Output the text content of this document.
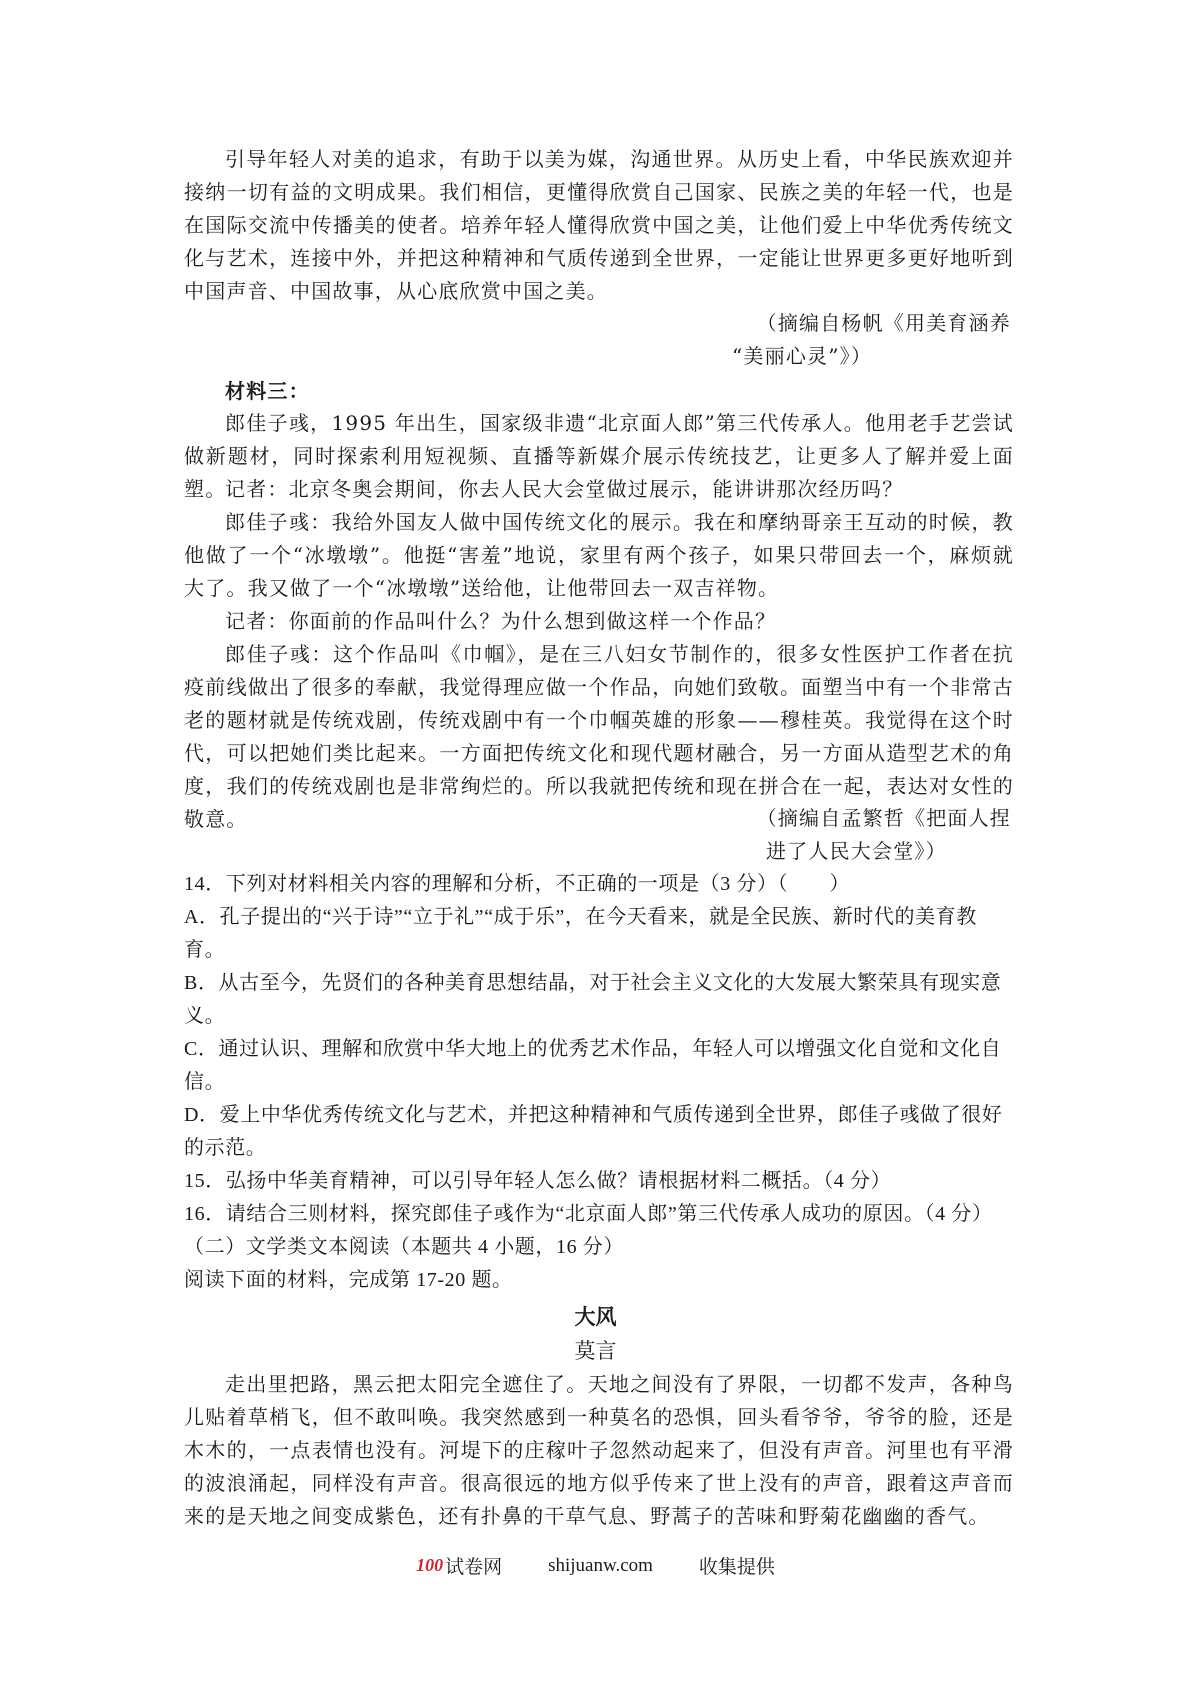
引导年轻人对美的追求，有助于以美为媒，沟通世界。从历史上看，中华民族欢迎并接纳一切有益的文明成果。我们相信，更懂得欣赏自己国家、民族之美的年轻一代，也是在国际交流中传播美的使者。培养年轻人懂得欣赏中国之美，让他们爱上中华优秀传统文化与艺术，连接中外，并把这种精神和气质传递到全世界，一定能让世界更多更好地听到中国声音、中国故事，从心底欣赏中国之美。

（摘编自杨帆《用美育涵养

“美丽心灵”》）

材料三：

郎佳子彧，1995 年出生，国家级非遗“北京面人郎”第三代传承人。他用老手艺尝试做新题材，同时探索利用短视频、直播等新媒介展示传统技艺，让更多人了解并爱上面塑。

记者：北京冬奥会期间，你去人民大会堂做过展示，能讲讲那次经历吗？

郎佳子彧：我给外国友人做中国传统文化的展示。我在和摩纳哥亲王互动的时候，教他做了一个“冰墩墩”。他挺“害羞”地说，家里有两个孩子，如果只带回去一个，麻烦就大了。我又做了一个“冰墩墩”送给他，让他带回去一双吉祥物。

记者：你面前的作品叫什么？为什么想到做这样一个作品？

郎佳子彧：这个作品叫《巾帼》，是在三八妇女节制作的，很多女性医护工作者在抗疫前线做出了很多的奉献，我觉得理应做一个作品，向她们致敬。面塑当中有一个非常古老的题材就是传统戏剧，传统戏剧中有一个巾帼英雄的形象——穆桂英。我觉得在这个时代，可以把她们类比起来。一方面把传统文化和现代题材融合，另一方面从造型艺术的角度，我们的传统戏剧也是非常绚烂的。所以我就把传统和现在拼合在一起，表达对女性的敬意。	（摘编自孟繁哲《把面人捏

进了人民大会堂》）

14．下列对材料相关内容的理解和分析，不正确的一项是（3 分）（　　）

A．孔子提出的“兴于诗”“立于礼”“成于乐”，在今天看来，就是全民族、新时代的美育教育。

B．从古至今，先贤们的各种美育思想结晶，对于社会主义文化的大发展大繁荣具有现实意义。

C．通过认识、理解和欣赏中华大地上的优秀艺术作品，年轻人可以增强文化自觉和文化自信。

D．爱上中华优秀传统文化与艺术，并把这种精神和气质传递到全世界，郎佳子彧做了很好的示范。

15．弘扬中华美育精神，可以引导年轻人怎么做？请根据材料二概括。（4 分）

16．请结合三则材料，探究郎佳子彧作为“北京面人郎”第三代传承人成功的原因。（4 分）

（二）文学类文本阅读（本题共 4 小题，16 分）

阅读下面的材料，完成第 17-20 题。

大风

莫言

走出里把路，黑云把太阳完全遮住了。天地之间没有了界限，一切都不发声，各种鸟儿贴着草梢飞，但不敢叫唤。我突然感到一种莫名的恐惧，回头看爷爷，爷爷的脸，还是木木的，一点表情也没有。河堤下的庄稼叶子忽然动起来了，但没有声音。河里也有平滑的波浪涌起，同样没有声音。很高很远的地方似乎传来了世上没有的声音，跟着这声音而来的是天地之间变成紫色，还有扑鼻的干草气息、野蒿子的苦味和野菊花幽幽的香气。

100 试卷网 shijuanw.com 收集提供
